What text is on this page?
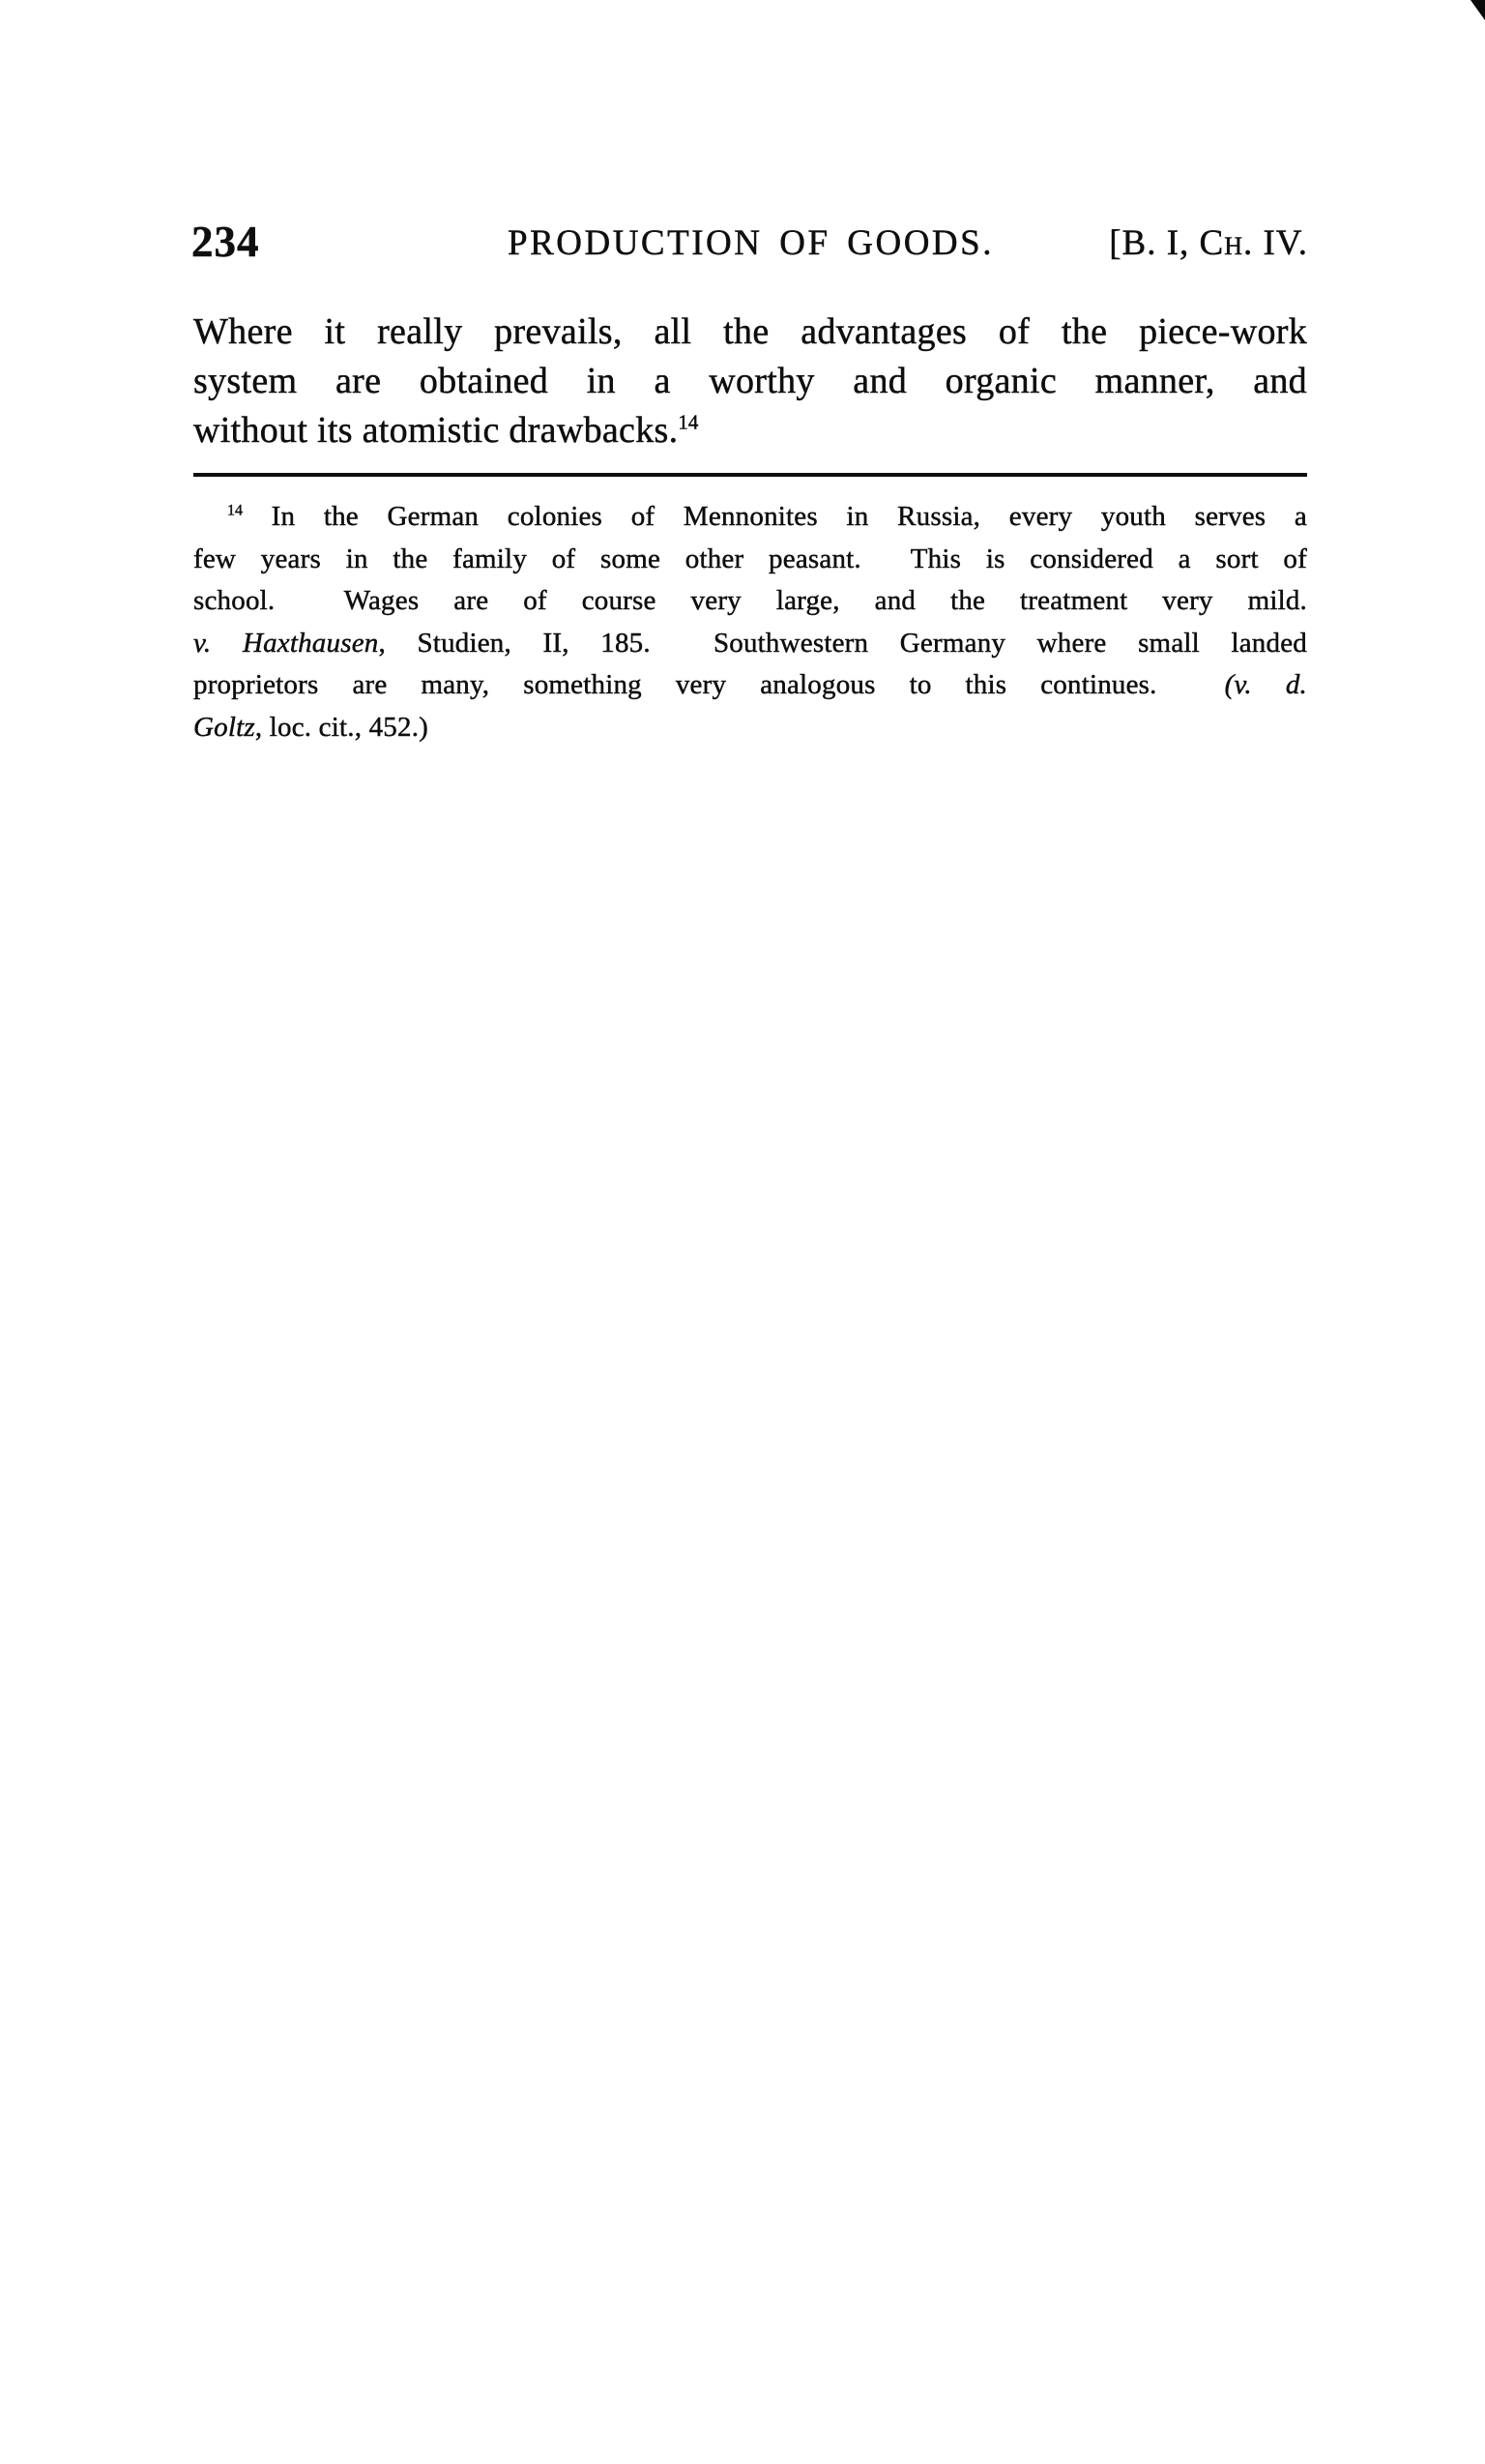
234	PRODUCTION OF GOODS.	[B. I, Ch. IV.
Where it really prevails, all the advantages of the piece-work
system are obtained in a worthy and organic manner, and
without its atomistic drawbacks.$^{14}$
$^{14}$ In the German colonies of Mennonites in Russia, every youth serves a
few years in the family of some other peasant.  This is considered a sort of
school.  Wages are of course very large, and the treatment very mild.
v. Haxthausen, Studien, II, 185.  Southwestern Germany where small landed
proprietors are many, something very analogous to this continues.  (v. d.
Goltz, loc. cit., 452.)
